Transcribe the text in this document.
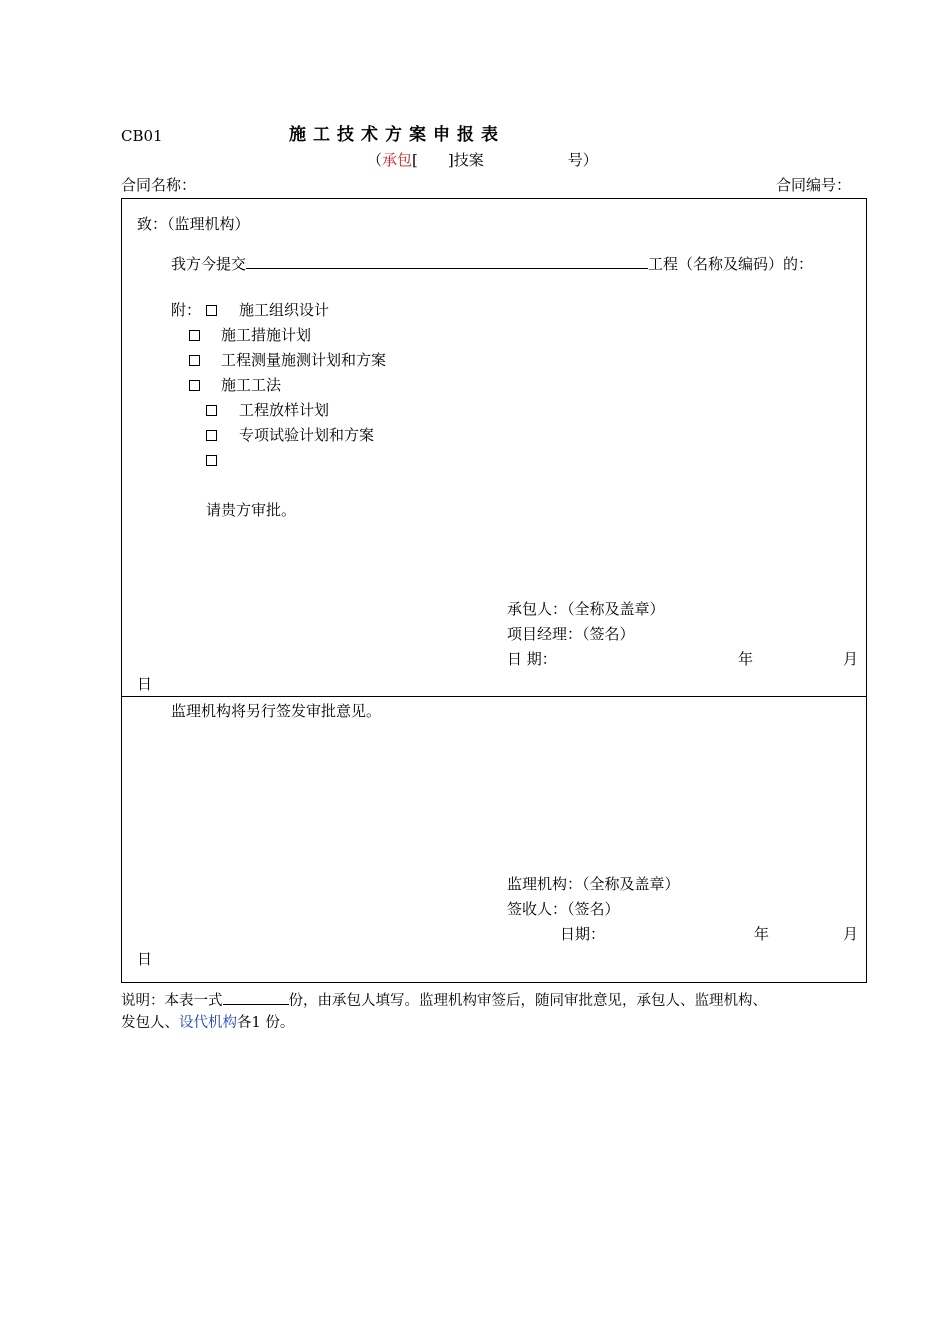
CB01	施工技术方案申报表
（承包[　　]技案	号）
合同名称：	合同编号：
致：（监理机构）
我方今提交	工程（名称及编码）的：
附：	施工组织设计
施工措施计划
工程测量施测计划和方案
施工工法
工程放样计划
专项试验计划和方案
请贵方审批。
承包人：（全称及盖章）
项目经理：（签名）
日 期：	年	月
日
监理机构将另行签发审批意见。
监理机构：（全称及盖章）
签收人：（签名）
日期：	年	月
日
说明：本表一式	份，由承包人填写。监理机构审签后，随同审批意见，承包人、监理机构、
发包人、设代机构各1 份。
